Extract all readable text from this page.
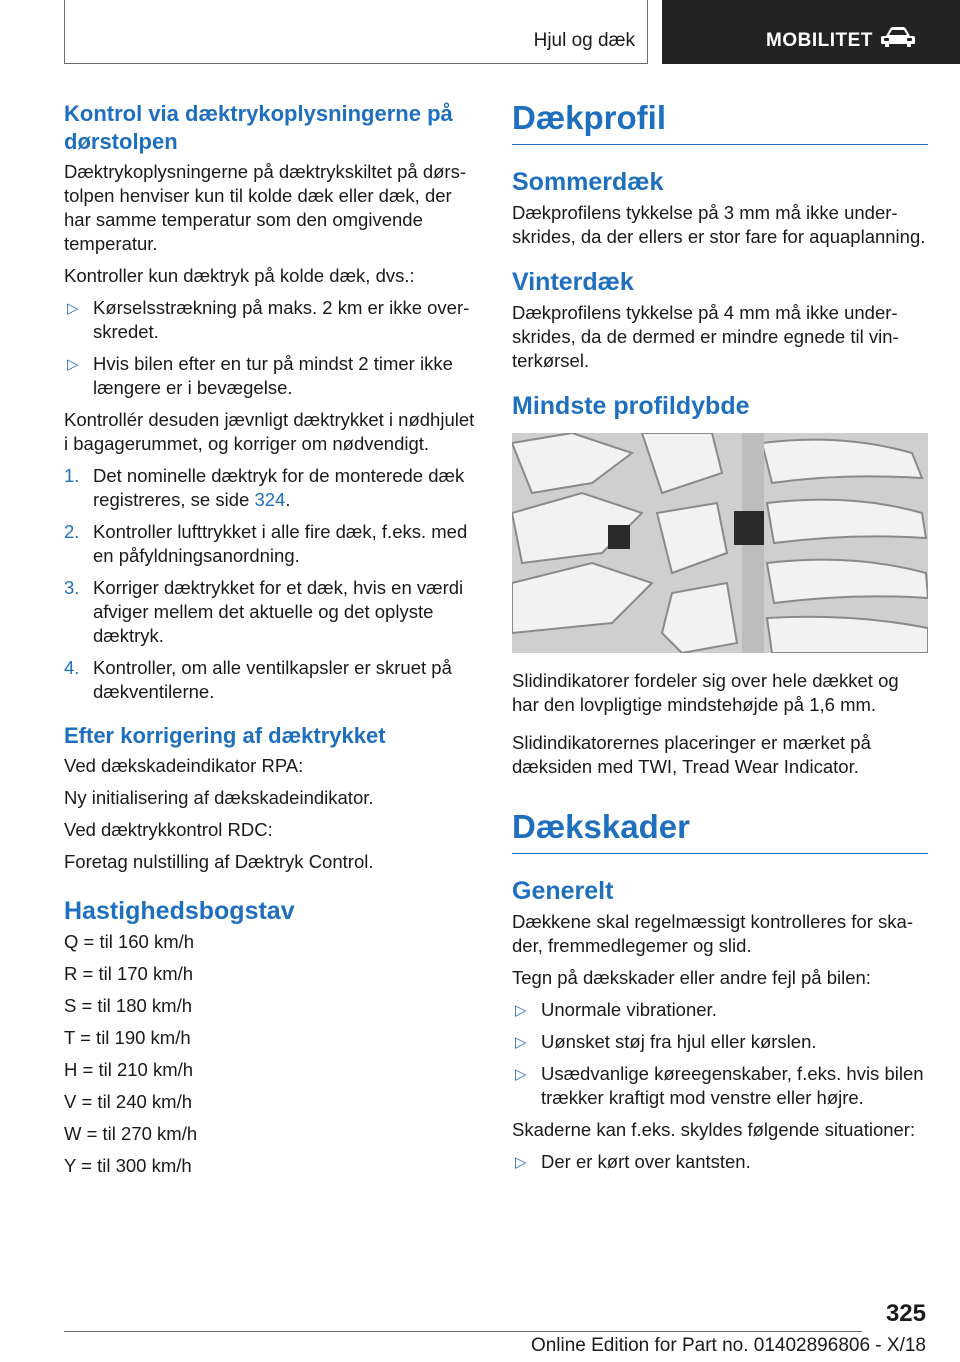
Hjul og dæk	MOBILITET
Kontrol via dæktrykoplysningerne på dørstolpen

Dæktrykoplysningerne på dæktrykskiltet på dørstolpen henviser kun til kolde dæk eller dæk, der har samme temperatur som den omgivende temperatur.

Kontroller kun dæktryk på kolde dæk, dvs.:

▷ Kørselsstrækning på maks. 2 km er ikke overskredet.
▷ Hvis bilen efter en tur på mindst 2 timer ikke længere er i bevægelse.

Kontrollér desuden jævnligt dæktrykket i nødhjulet i bagagerummet, og korriger om nødvendigt.

1. Det nominelle dæktryk for de monterede dæk registreres, se side 324.
2. Kontroller lufttrykket i alle fire dæk, f.eks. med en påfyldningsanordning.
3. Korriger dæktrykket for et dæk, hvis en værdi afviger mellem det aktuelle og det oplyste dæktryk.
4. Kontroller, om alle ventilkapsler er skruet på dækventilerne.
Efter korrigering af dæktrykket

Ved dækskadeindikator RPA:

Ny initialisering af dækskadeindikator.

Ved dæktrykkontrol RDC:

Foretag nulstilling af Dæktryk Control.

Hastighedsbogstav

Q = til 160 km/h

R = til 170 km/h

S = til 180 km/h

T = til 190 km/h

H = til 210 km/h

V = til 240 km/h

W = til 270 km/h

Y = til 300 km/h

Dækprofil
Sommerdæk

Dækprofilens tykkelse på 3 mm må ikke underskrides, da der ellers er stor fare for aquaplanning.

Vinterdæk

Dækprofilens tykkelse på 4 mm må ikke underskrides, da de dermed er mindre egnede til vinterkørsel.

Mindste profildybde

Slidindikatorer fordeler sig over hele dækket og har den lovpligtige mindstehøjde på 1,6 mm.

Slidindikatorernes placeringer er mærket på dæksiden med TWI, Tread Wear Indicator.

Dækskader
Generelt

Dækkene skal regelmæssigt kontrolleres for skader, fremmedlegemer og slid.

Tegn på dækskader eller andre fejl på bilen:

▷ Unormale vibrationer.
▷ Uønsket støj fra hjul eller kørslen.
▷ Usædvanlige køreegenskaber, f.eks. hvis bilen trækker kraftigt mod venstre eller højre.

Skaderne kan f.eks. skyldes følgende situationer:

▷ Der er kørt over kantsten.
325
Online Edition for Part no. 01402896806 - X/18
